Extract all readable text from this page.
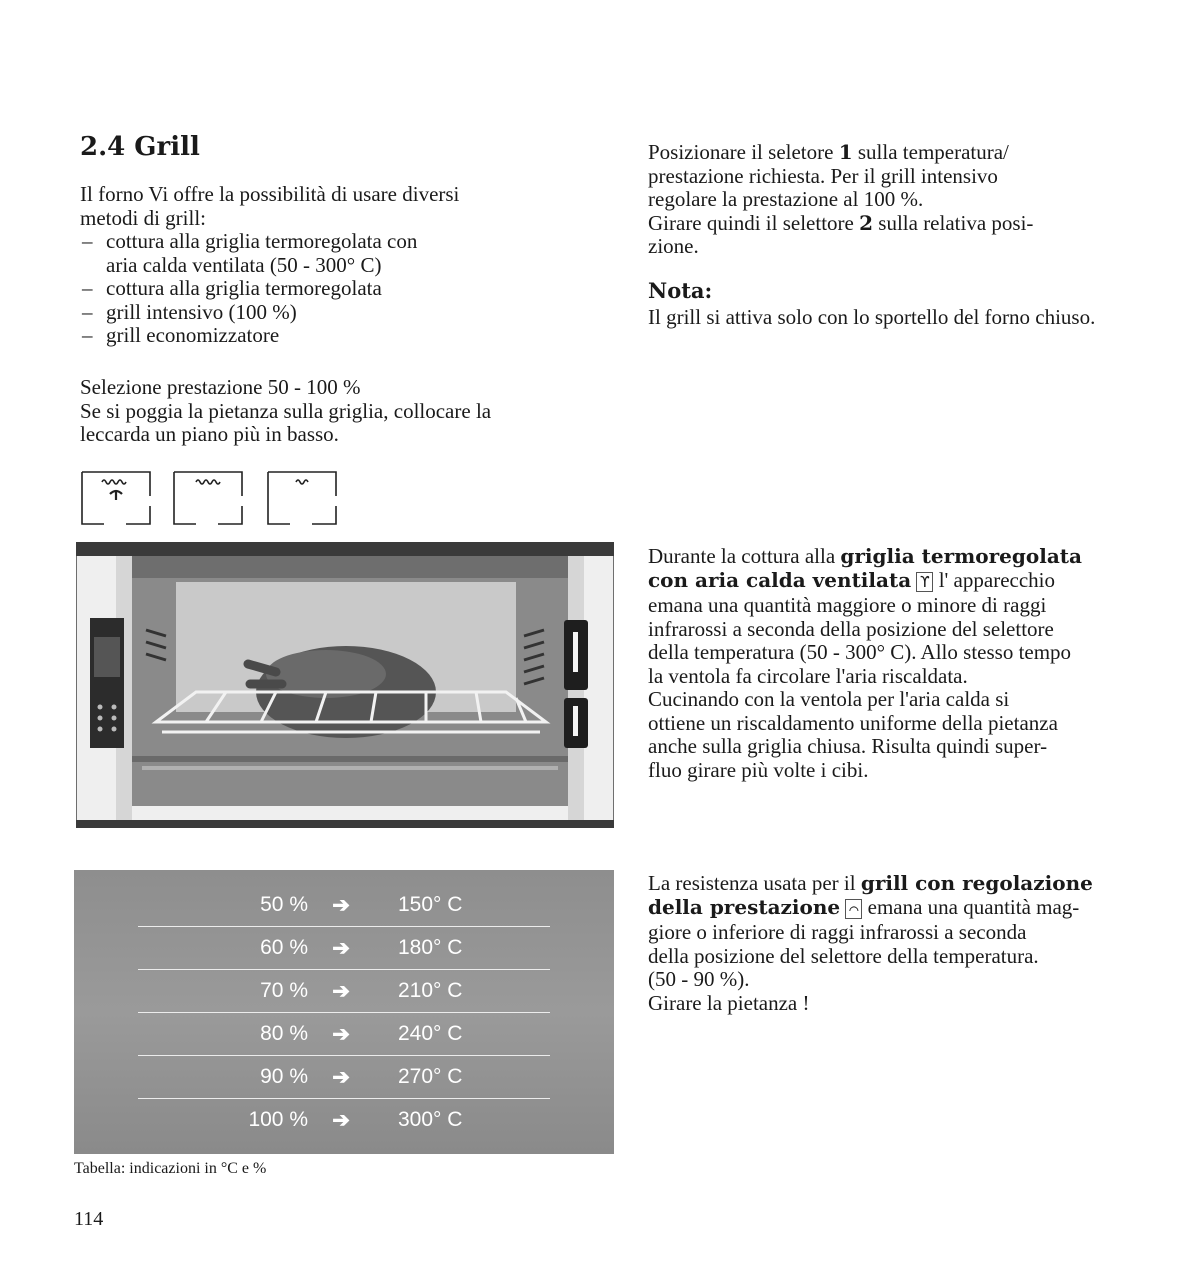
2.4 Grill

Il forno Vi offre la possibilità di usare diversi

metodi di grill:

– cottura alla griglia termoregolata con
aria calda ventilata (50 - 300° C)
– cottura alla griglia termoregolata
– grill intensivo (100 %)
– grill economizzatore

Selezione prestazione 50 - 100 %

Se si poggia la pietanza sulla griglia, collocare la

leccarda un piano più in basso.

Posizionare il seletore 1 sulla temperatura/

prestazione richiesta. Per il grill intensivo

regolare la prestazione al 100 %.

Girare quindi il selettore 2 sulla relativa posi-

zione.

Nota:

Il grill si attiva solo con lo sportello del forno chiuso.

Durante la cottura alla griglia termoregolata

con aria calda ventilata ϒ l' apparecchio

emana una quantità maggiore o minore di raggi

infrarossi a seconda della posizione del selettore

della temperatura (50 - 300° C). Allo stesso tempo

la ventola fa circolare l'aria riscaldata.

Cucinando con la ventola per l'aria calda si

ottiene un riscaldamento uniforme della pietanza

anche sulla griglia chiusa. Risulta quindi super-

fluo girare più volte i cibi.

La resistenza usata per il grill con regolazione

della prestazione ⌒ emana una quantità mag-

giore o inferiore di raggi infrarossi a seconda

della posizione del selettore della temperatura.

(50 - 90 %).

Girare la pietanza !

50 %	➔	150° C
60 %	➔	180° C
70 %	➔	210° C
80 %	➔	240° C
90 %	➔	270° C
100 %	➔	300° C

Tabella: indicazioni in °C e %

114
